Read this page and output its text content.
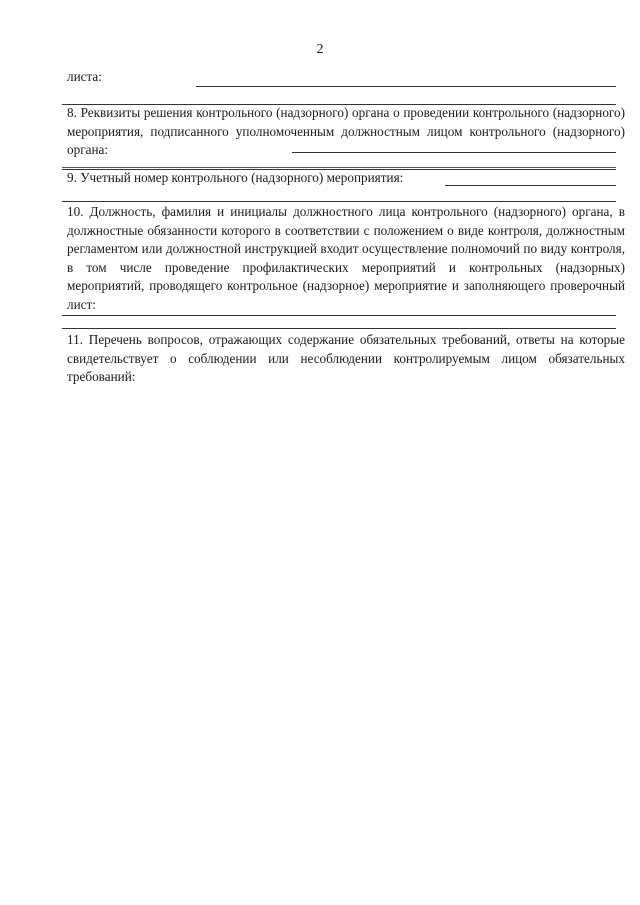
2

листа:

8. Реквизиты решения контрольного (надзорного) органа о проведении контрольного (надзорного) мероприятия, подписанного уполномоченным должностным лицом контрольного (надзорного) органа:

9. Учетный номер контрольного (надзорного) мероприятия:

10. Должность, фамилия и инициалы должностного лица контрольного (надзорного) органа, в должностные обязанности которого в соответствии с положением о виде контроля, должностным регламентом или должностной инструкцией входит осуществление полномочий по виду контроля, в том числе проведение профилактических мероприятий и контрольных (надзорных) мероприятий, проводящего контрольное (надзорное) мероприятие и заполняющего проверочный лист:

11. Перечень вопросов, отражающих содержание обязательных требований, ответы на которые свидетельствует о соблюдении или несоблюдении контролируемым лицом обязательных требований:
